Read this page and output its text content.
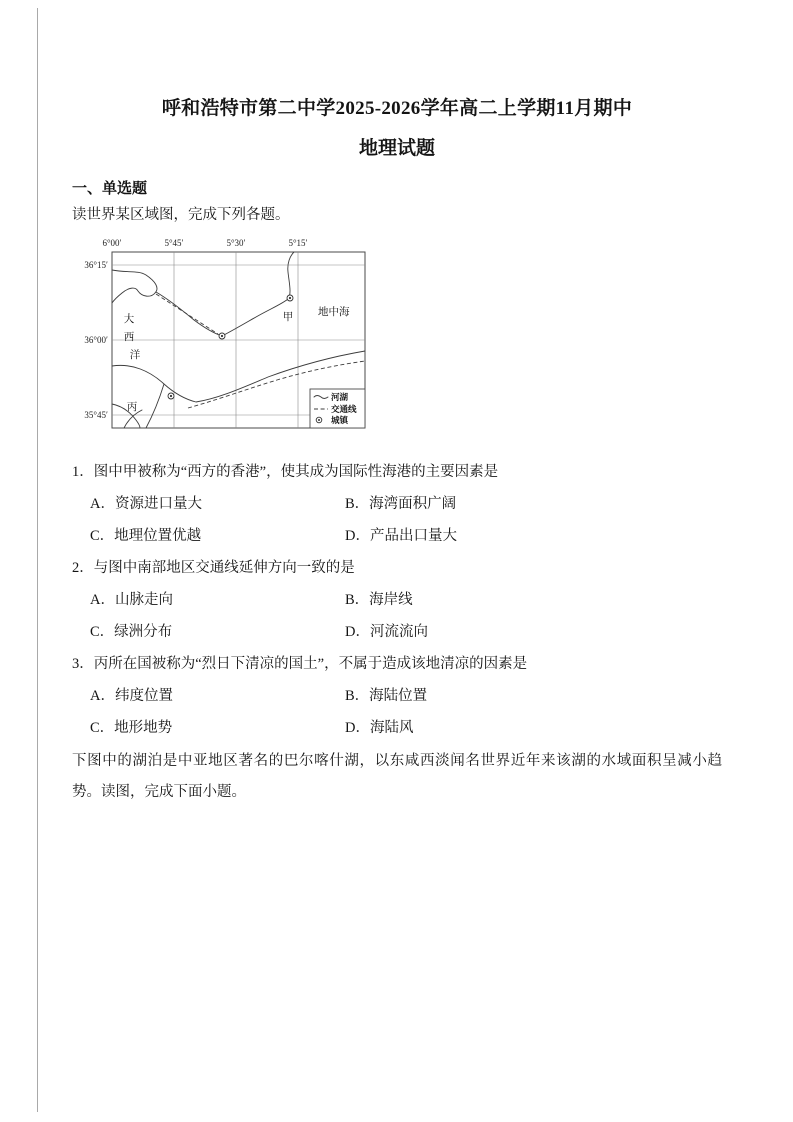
呼和浩特市第二中学2025-2026学年高二上学期11月期中
地理试题
一、单选题

读世界某区域图，完成下列各题。

6°00′	5°45′	5°30′	5°15′
36°15′
36°00′
35°45′
大
西
洋
甲 地中海
丙
河湖
交通线
城镇
1．图中甲被称为“西方的香港”，使其成为国际性海港的主要因素是
A．资源进口量大	B．海湾面积广阔
C．地理位置优越	D．产品出口量大
2．与图中南部地区交通线延伸方向一致的是
A．山脉走向	B．海岸线
C．绿洲分布	D．河流流向
3．丙所在国被称为“烈日下清凉的国土”，不属于造成该地清凉的因素是
A．纬度位置	B．海陆位置
C．地形地势	D．海陆风

下图中的湖泊是中亚地区著名的巴尔喀什湖，以东咸西淡闻名世界近年来该湖的水域面积呈减小趋势。读图，完成下面小题。
